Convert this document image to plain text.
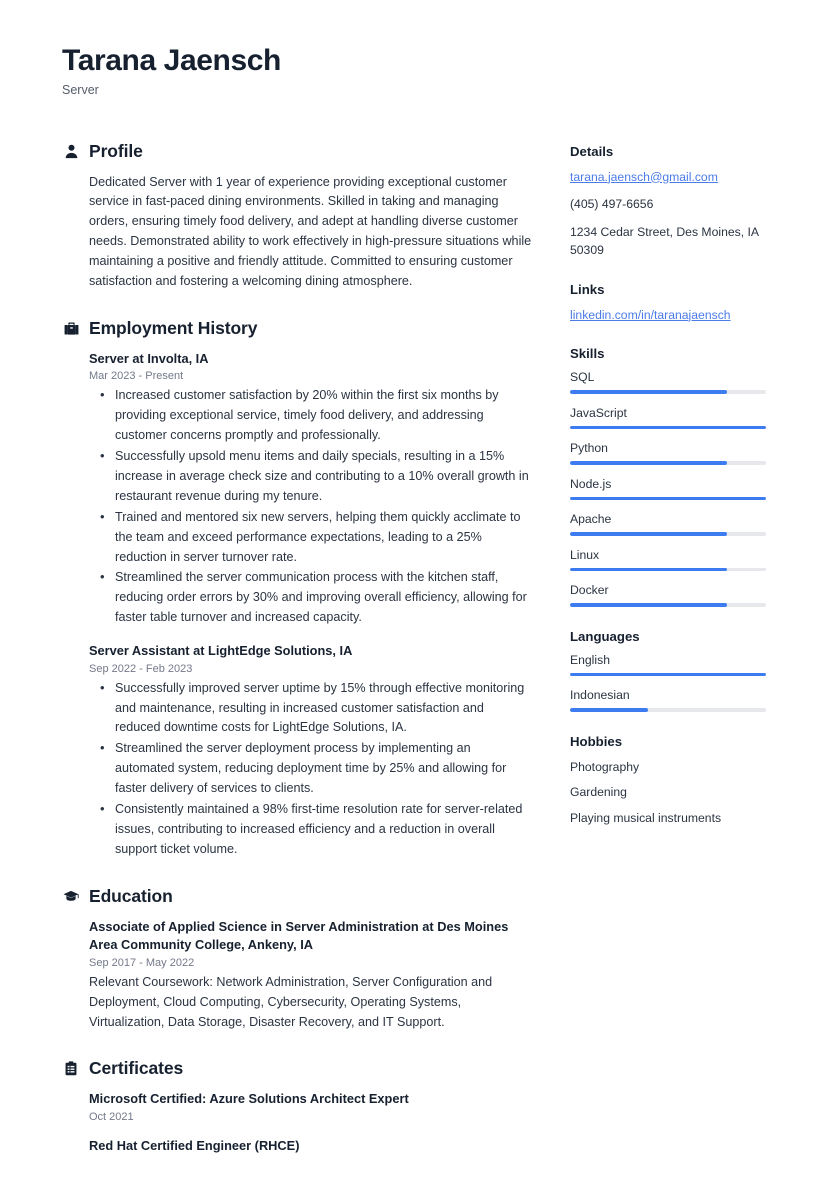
Tarana Jaensch
Server
Profile
Dedicated Server with 1 year of experience providing exceptional customer service in fast-paced dining environments. Skilled in taking and managing orders, ensuring timely food delivery, and adept at handling diverse customer needs. Demonstrated ability to work effectively in high-pressure situations while maintaining a positive and friendly attitude. Committed to ensuring customer satisfaction and fostering a welcoming dining atmosphere.
Employment History
Server at Involta, IA
Mar 2023 - Present
• Increased customer satisfaction by 20% within the first six months by providing exceptional service, timely food delivery, and addressing customer concerns promptly and professionally.
• Successfully upsold menu items and daily specials, resulting in a 15% increase in average check size and contributing to a 10% overall growth in restaurant revenue during my tenure.
• Trained and mentored six new servers, helping them quickly acclimate to the team and exceed performance expectations, leading to a 25% reduction in server turnover rate.
• Streamlined the server communication process with the kitchen staff, reducing order errors by 30% and improving overall efficiency, allowing for faster table turnover and increased capacity.
Server Assistant at LightEdge Solutions, IA
Sep 2022 - Feb 2023
• Successfully improved server uptime by 15% through effective monitoring and maintenance, resulting in increased customer satisfaction and reduced downtime costs for LightEdge Solutions, IA.
• Streamlined the server deployment process by implementing an automated system, reducing deployment time by 25% and allowing for faster delivery of services to clients.
• Consistently maintained a 98% first-time resolution rate for server-related issues, contributing to increased efficiency and a reduction in overall support ticket volume.
Education
Associate of Applied Science in Server Administration at Des Moines Area Community College, Ankeny, IA
Sep 2017 - May 2022
Relevant Coursework: Network Administration, Server Configuration and Deployment, Cloud Computing, Cybersecurity, Operating Systems, Virtualization, Data Storage, Disaster Recovery, and IT Support.
Certificates
Microsoft Certified: Azure Solutions Architect Expert
Oct 2021
Red Hat Certified Engineer (RHCE)
Details
tarana.jaensch@gmail.com
(405) 497-6656
1234 Cedar Street, Des Moines, IA 50309
Links
linkedin.com/in/taranajaensch
Skills
SQL
JavaScript
Python
Node.js
Apache
Linux
Docker
Languages
English
Indonesian
Hobbies
Photography
Gardening
Playing musical instruments
